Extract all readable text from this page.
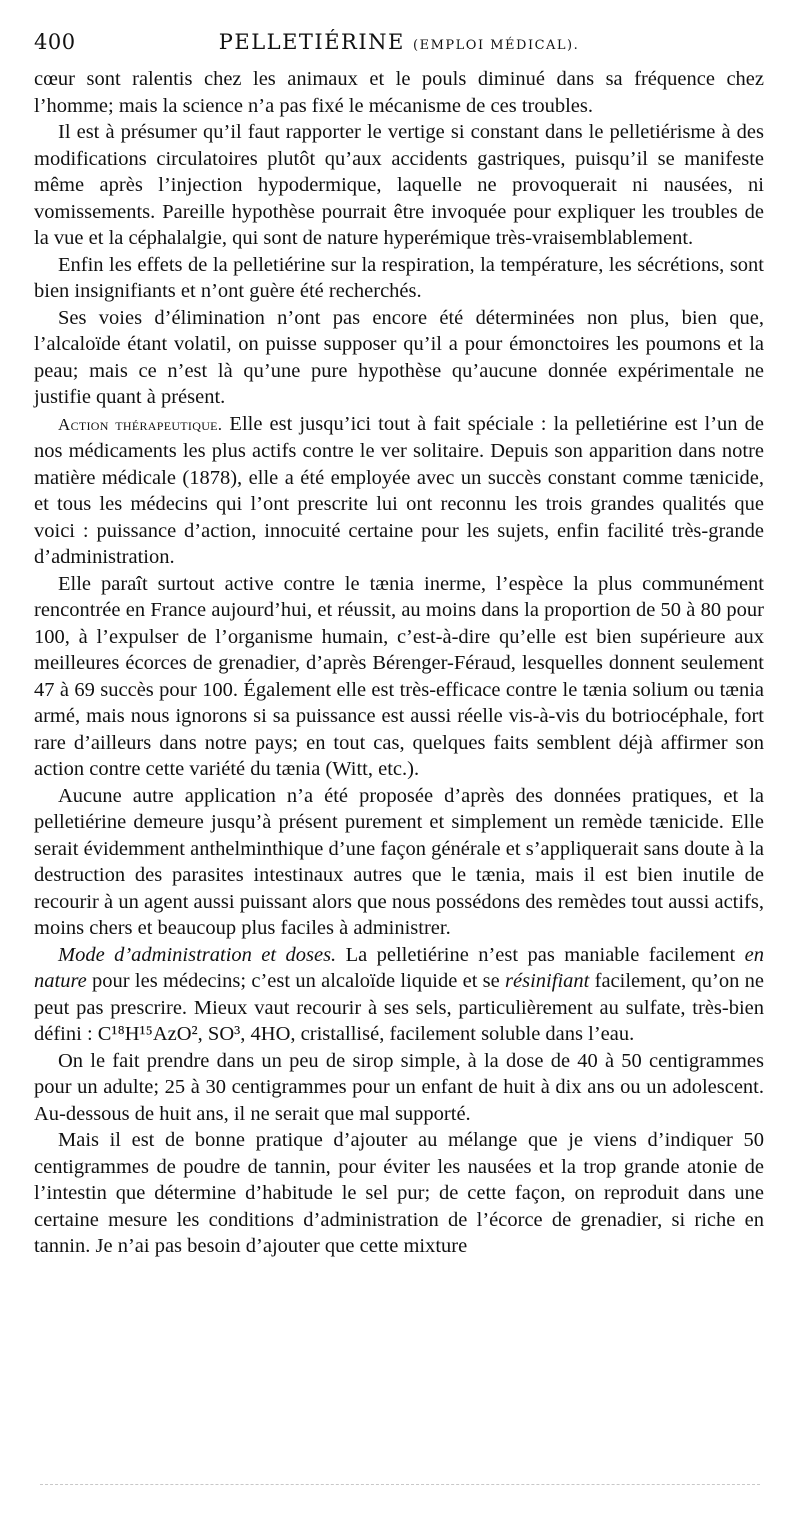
400	PELLETIÉRINE (EMPLOI MÉDICAL).

cœur sont ralentis chez les animaux et le pouls diminué dans sa fréquence chez l’homme; mais la science n’a pas fixé le mécanisme de ces troubles.

Il est à présumer qu’il faut rapporter le vertige si constant dans le pelletiérisme à des modifications circulatoires plutôt qu’aux accidents gastriques, puisqu’il se manifeste même après l’injection hypodermique, laquelle ne provoquerait ni nausées, ni vomissements. Pareille hypothèse pourrait être invoquée pour expliquer les troubles de la vue et la céphalalgie, qui sont de nature hyperémique très-vraisemblablement.

Enfin les effets de la pelletiérine sur la respiration, la température, les sécrétions, sont bien insignifiants et n’ont guère été recherchés.

Ses voies d’élimination n’ont pas encore été déterminées non plus, bien que, l’alcaloïde étant volatil, on puisse supposer qu’il a pour émonctoires les poumons et la peau; mais ce n’est là qu’une pure hypothèse qu’aucune donnée expérimentale ne justifie quant à présent.

Action thérapeutique. Elle est jusqu’ici tout à fait spéciale : la pelletiérine est l’un de nos médicaments les plus actifs contre le ver solitaire. Depuis son apparition dans notre matière médicale (1878), elle a été employée avec un succès constant comme tænicide, et tous les médecins qui l’ont prescrite lui ont reconnu les trois grandes qualités que voici : puissance d’action, innocuité certaine pour les sujets, enfin facilité très-grande d’administration.

Elle paraît surtout active contre le tænia inerme, l’espèce la plus communément rencontrée en France aujourd’hui, et réussit, au moins dans la proportion de 50 à 80 pour 100, à l’expulser de l’organisme humain, c’est-à-dire qu’elle est bien supérieure aux meilleures écorces de grenadier, d’après Bérenger-Féraud, lesquelles donnent seulement 47 à 69 succès pour 100. Également elle est très-efficace contre le tænia solium ou tænia armé, mais nous ignorons si sa puissance est aussi réelle vis-à-vis du botriocéphale, fort rare d’ailleurs dans notre pays; en tout cas, quelques faits semblent déjà affirmer son action contre cette variété du tænia (Witt, etc.).

Aucune autre application n’a été proposée d’après des données pratiques, et la pelletiérine demeure jusqu’à présent purement et simplement un remède tænicide. Elle serait évidemment anthelminthique d’une façon générale et s’appliquerait sans doute à la destruction des parasites intestinaux autres que le tænia, mais il est bien inutile de recourir à un agent aussi puissant alors que nous possédons des remèdes tout aussi actifs, moins chers et beaucoup plus faciles à administrer.

Mode d’administration et doses. La pelletiérine n’est pas maniable facilement en nature pour les médecins; c’est un alcaloïde liquide et se résinifiant facilement, qu’on ne peut pas prescrire. Mieux vaut recourir à ses sels, particulièrement au sulfate, très-bien défini : C¹⁸H¹⁵AzO², SO³, 4HO, cristallisé, facilement soluble dans l’eau.

On le fait prendre dans un peu de sirop simple, à la dose de 40 à 50 centigrammes pour un adulte; 25 à 30 centigrammes pour un enfant de huit à dix ans ou un adolescent. Au-dessous de huit ans, il ne serait que mal supporté.

Mais il est de bonne pratique d’ajouter au mélange que je viens d’indiquer 50 centigrammes de poudre de tannin, pour éviter les nausées et la trop grande atonie de l’intestin que détermine d’habitude le sel pur; de cette façon, on reproduit dans une certaine mesure les conditions d’administration de l’écorce de grenadier, si riche en tannin. Je n’ai pas besoin d’ajouter que cette mixture
